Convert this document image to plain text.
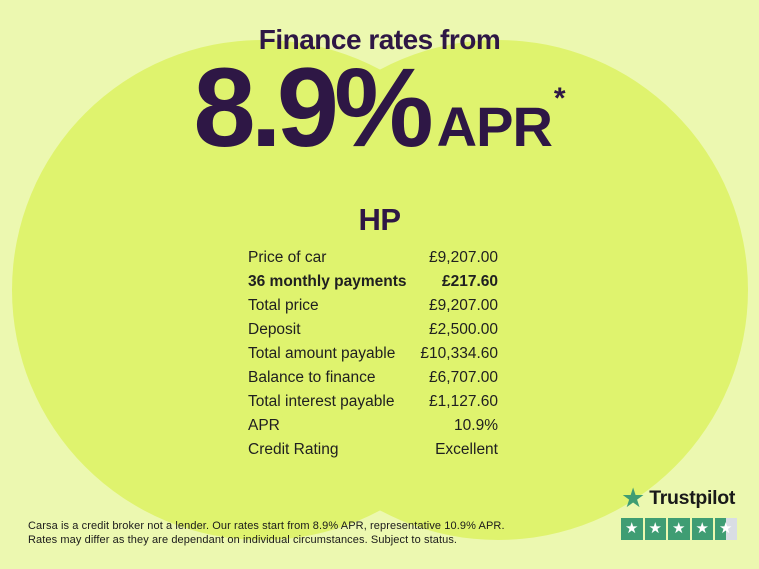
Finance rates from
8.9% APR *
HP
Price of car	£9,207.00
36 monthly payments £217.60
Total price	£9,207.00
Deposit	£2,500.00
Total amount payable £10,334.60
Balance to finance	£6,707.00
Total interest payable £1,127.60
APR	10.9%
Credit Rating	Excellent
Carsa is a credit broker not a lender. Our rates start from 8.9% APR, representative 10.9% APR.
Rates may differ as they are dependant on individual circumstances. Subject to status.
★ Trustpilot
★ ★ ★ ★ ★
